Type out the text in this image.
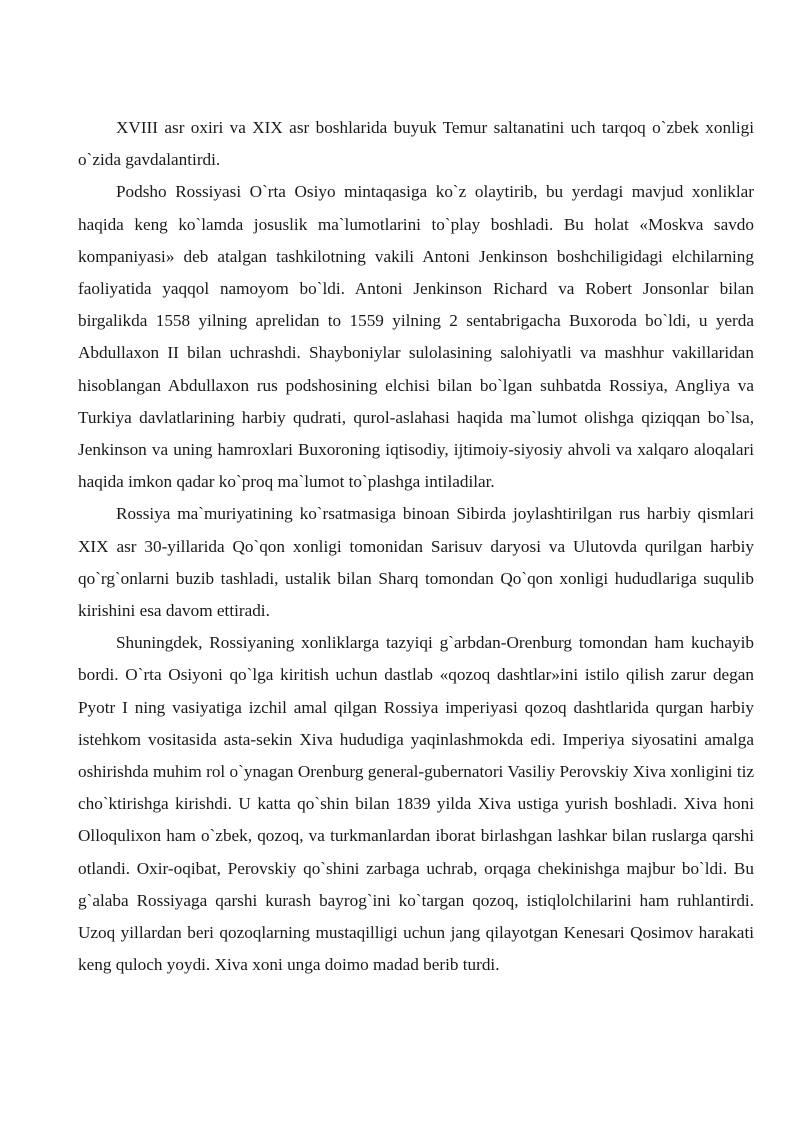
XVIII asr oxiri va XIX asr boshlarida buyuk Temur saltanatini uch tarqoq o`zbek xonligi o`zida gavdalantirdi.

Podsho Rossiyasi O`rta Osiyo mintaqasiga ko`z olaytirib, bu yerdagi mavjud xonliklar haqida keng ko`lamda josuslik ma`lumotlarini to`play boshladi. Bu holat «Moskva savdo kompaniyasi» deb atalgan tashkilotning vakili Antoni Jenkinson boshchiligidagi elchilarning faoliyatida yaqqol namoyom bo`ldi. Antoni Jenkinson Richard va Robert Jonsonlar bilan birgalikda 1558 yilning aprelidan to 1559 yilning 2 sentabrigacha Buxoroda bo`ldi, u yerda Abdullaxon II bilan uchrashdi. Shayboniylar sulolasining salohiyatli va mashhur vakillaridan hisoblangan Abdullaxon rus podshosining elchisi bilan bo`lgan suhbatda Rossiya, Angliya va Turkiya davlatlarining harbiy qudrati, qurol-aslahasi haqida ma`lumot olishga qiziqqan bo`lsa, Jenkinson va uning hamroxlari Buxoroning iqtisodiy, ijtimoiy-siyosiy ahvoli va xalqaro aloqalari haqida imkon qadar ko`proq ma`lumot to`plashga intiladilar.

Rossiya ma`muriyatining ko`rsatmasiga binoan Sibirda joylashtirilgan rus harbiy qismlari XIX asr 30-yillarida Qo`qon xonligi tomonidan Sarisuv daryosi va Ulutovda qurilgan harbiy qo`rg`onlarni buzib tashladi, ustalik bilan Sharq tomondan Qo`qon xonligi hududlariga suqulib kirishini esa davom ettiradi.

Shuningdek, Rossiyaning xonliklarga tazyiqi g`arbdan-Orenburg tomondan ham kuchayib bordi. O`rta Osiyoni qo`lga kiritish uchun dastlab «qozoq dashtlar»ini istilo qilish zarur degan Pyotr I ning vasiyatiga izchil amal qilgan Rossiya imperiyasi qozoq dashtlarida qurgan harbiy istehkom vositasida asta-sekin Xiva hududiga yaqinlashmokda edi. Imperiya siyosatini amalga oshirishda muhim rol o`ynagan Orenburg general-gubernatori Vasiliy Perovskiy Xiva xonligini tiz cho`ktirishga kirishdi. U katta qo`shin bilan 1839 yilda Xiva ustiga yurish boshladi. Xiva honi Olloqulixon ham o`zbek, qozoq, va turkmanlardan iborat birlashgan lashkar bilan ruslarga qarshi otlandi. Oxir-oqibat, Perovskiy qo`shini zarbaga uchrab, orqaga chekinishga majbur bo`ldi. Bu g`alaba Rossiyaga qarshi kurash bayrog`ini ko`targan qozoq, istiqlolchilarini ham ruhlantirdi. Uzoq yillardan beri qozoqlarning mustaqilligi uchun jang qilayotgan Kenesari Qosimov harakati keng quloch yoydi. Xiva xoni unga doimo madad berib turdi.
